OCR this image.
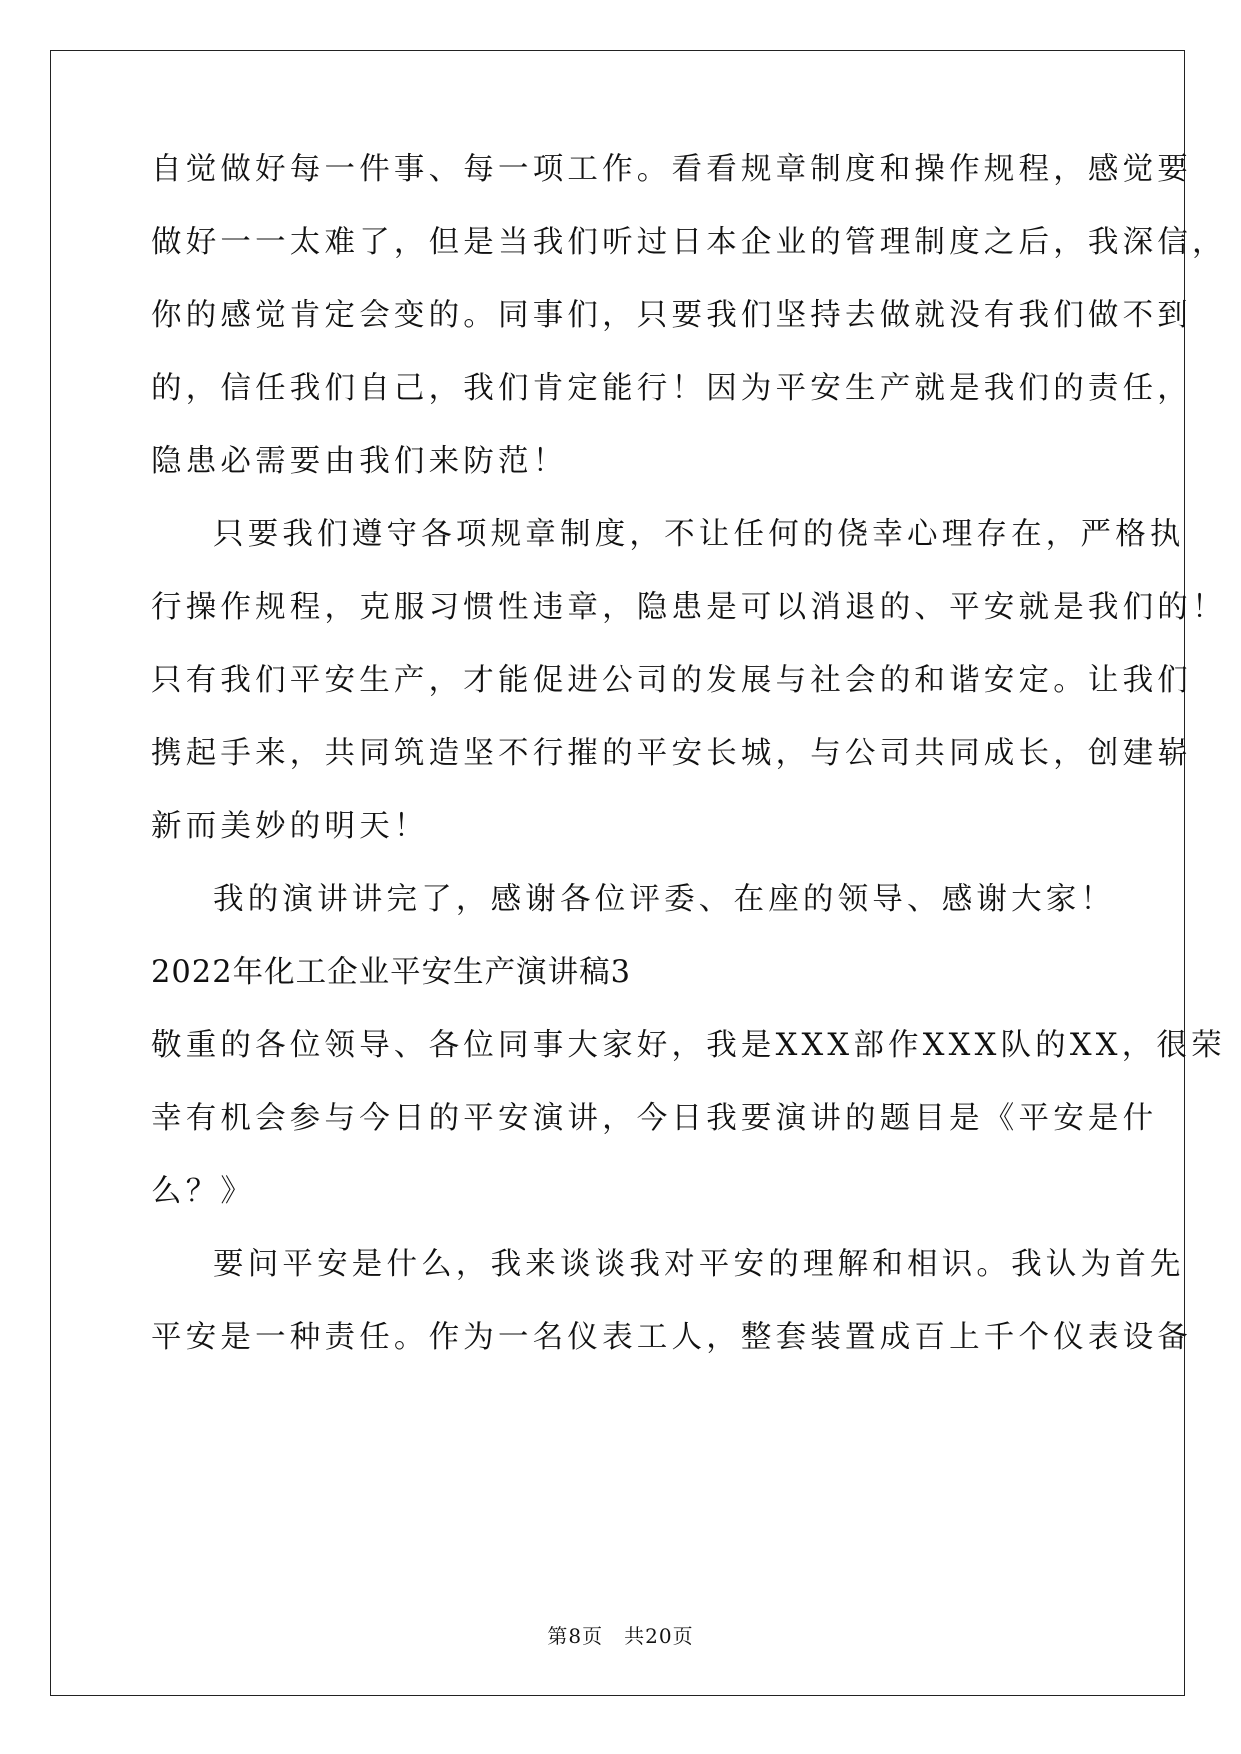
自觉做好每一件事、每一项工作。看看规章制度和操作规程，感觉要
做好一一太难了，但是当我们听过日本企业的管理制度之后，我深信，
你的感觉肯定会变的。同事们，只要我们坚持去做就没有我们做不到
的，信任我们自己，我们肯定能行！因为平安生产就是我们的责任，
隐患必需要由我们来防范！
只要我们遵守各项规章制度，不让任何的侥幸心理存在，严格执
行操作规程，克服习惯性违章，隐患是可以消退的、平安就是我们的！
只有我们平安生产，才能促进公司的发展与社会的和谐安定。让我们
携起手来，共同筑造坚不行摧的平安长城，与公司共同成长，创建崭
新而美妙的明天！
我的演讲讲完了，感谢各位评委、在座的领导、感谢大家！
2022年化工企业平安生产演讲稿3
敬重的各位领导、各位同事大家好，我是XXX部作XXX队的XX，很荣
幸有机会参与今日的平安演讲，今日我要演讲的题目是《平安是什
么？》
要问平安是什么，我来谈谈我对平安的理解和相识。我认为首先
平安是一种责任。作为一名仪表工人，整套装置成百上千个仪表设备
第8页　共20页
